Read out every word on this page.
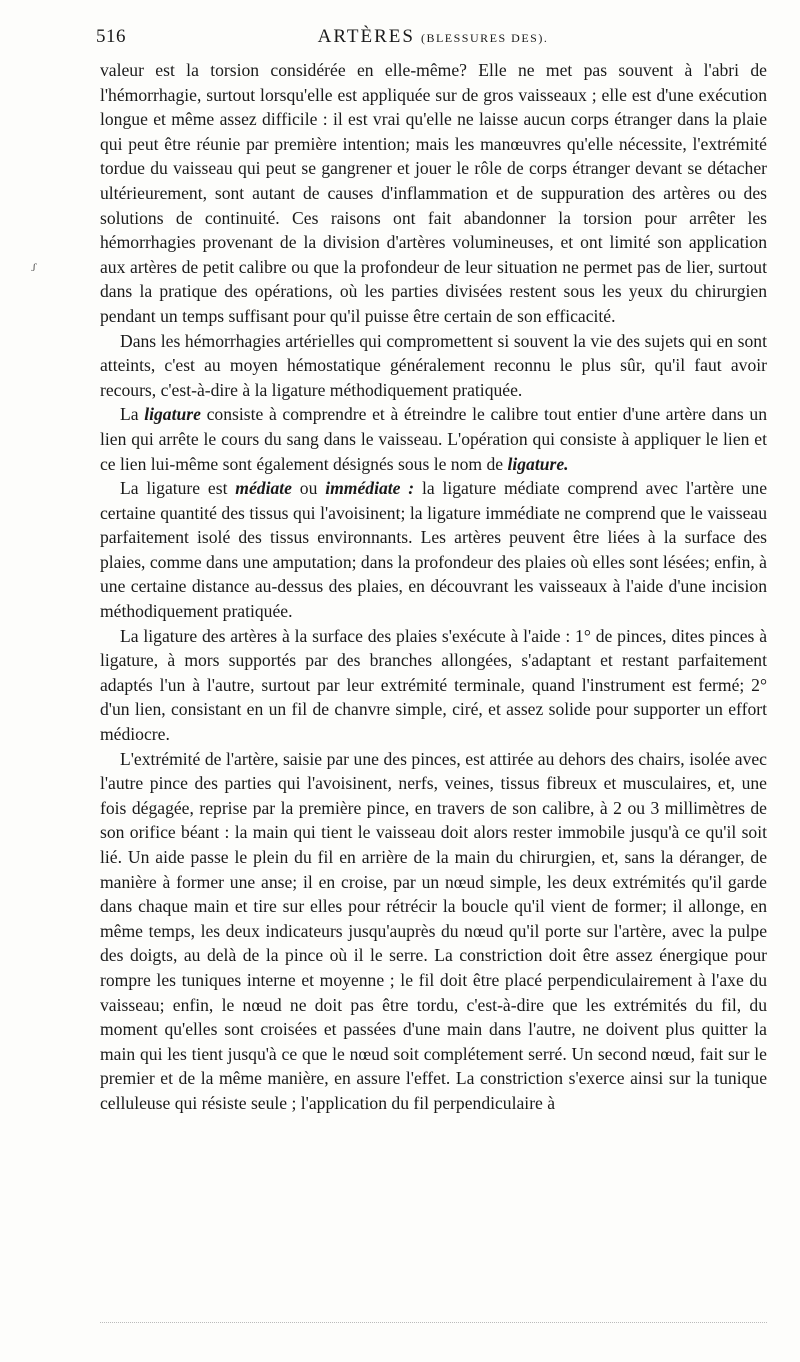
516	ARTÈRES (BLESSURES DES).
ᶴ

valeur est la torsion considérée en elle-même? Elle ne met pas souvent à l'abri de l'hémorrhagie, surtout lorsqu'elle est appliquée sur de gros vaisseaux ; elle est d'une exécution longue et même assez difficile : il est vrai qu'elle ne laisse aucun corps étranger dans la plaie qui peut être réunie par première intention; mais les manœuvres qu'elle nécessite, l'extrémité tordue du vaisseau qui peut se gangrener et jouer le rôle de corps étranger devant se détacher ultérieurement, sont autant de causes d'inflammation et de suppuration des artères ou des solutions de continuité. Ces raisons ont fait abandonner la torsion pour arrêter les hémorrhagies provenant de la division d'artères volumineuses, et ont limité son application aux artères de petit calibre ou que la profondeur de leur situation ne permet pas de lier, surtout dans la pratique des opérations, où les parties divisées restent sous les yeux du chirurgien pendant un temps suffisant pour qu'il puisse être certain de son efficacité.

Dans les hémorrhagies artérielles qui compromettent si souvent la vie des sujets qui en sont atteints, c'est au moyen hémostatique généralement reconnu le plus sûr, qu'il faut avoir recours, c'est-à-dire à la ligature méthodiquement pratiquée.

La ligature consiste à comprendre et à étreindre le calibre tout entier d'une artère dans un lien qui arrête le cours du sang dans le vaisseau. L'opération qui consiste à appliquer le lien et ce lien lui-même sont également désignés sous le nom de ligature.

La ligature est médiate ou immédiate : la ligature médiate comprend avec l'artère une certaine quantité des tissus qui l'avoisinent; la ligature immédiate ne comprend que le vaisseau parfaitement isolé des tissus environnants. Les artères peuvent être liées à la surface des plaies, comme dans une amputation; dans la profondeur des plaies où elles sont lésées; enfin, à une certaine distance au-dessus des plaies, en découvrant les vaisseaux à l'aide d'une incision méthodiquement pratiquée.

La ligature des artères à la surface des plaies s'exécute à l'aide : 1° de pinces, dites pinces à ligature, à mors supportés par des branches allongées, s'adaptant et restant parfaitement adaptés l'un à l'autre, surtout par leur extrémité terminale, quand l'instrument est fermé; 2° d'un lien, consistant en un fil de chanvre simple, ciré, et assez solide pour supporter un effort médiocre.

L'extrémité de l'artère, saisie par une des pinces, est attirée au dehors des chairs, isolée avec l'autre pince des parties qui l'avoisinent, nerfs, veines, tissus fibreux et musculaires, et, une fois dégagée, reprise par la première pince, en travers de son calibre, à 2 ou 3 millimètres de son orifice béant : la main qui tient le vaisseau doit alors rester immobile jusqu'à ce qu'il soit lié. Un aide passe le plein du fil en arrière de la main du chirurgien, et, sans la déranger, de manière à former une anse; il en croise, par un nœud simple, les deux extrémités qu'il garde dans chaque main et tire sur elles pour rétrécir la boucle qu'il vient de former; il allonge, en même temps, les deux indicateurs jusqu'auprès du nœud qu'il porte sur l'artère, avec la pulpe des doigts, au delà de la pince où il le serre. La constriction doit être assez énergique pour rompre les tuniques interne et moyenne ; le fil doit être placé perpendiculairement à l'axe du vaisseau; enfin, le nœud ne doit pas être tordu, c'est-à-dire que les extrémités du fil, du moment qu'elles sont croisées et passées d'une main dans l'autre, ne doivent plus quitter la main qui les tient jusqu'à ce que le nœud soit complétement serré. Un second nœud, fait sur le premier et de la même manière, en assure l'effet. La constriction s'exerce ainsi sur la tunique celluleuse qui résiste seule ; l'application du fil perpendiculaire à
